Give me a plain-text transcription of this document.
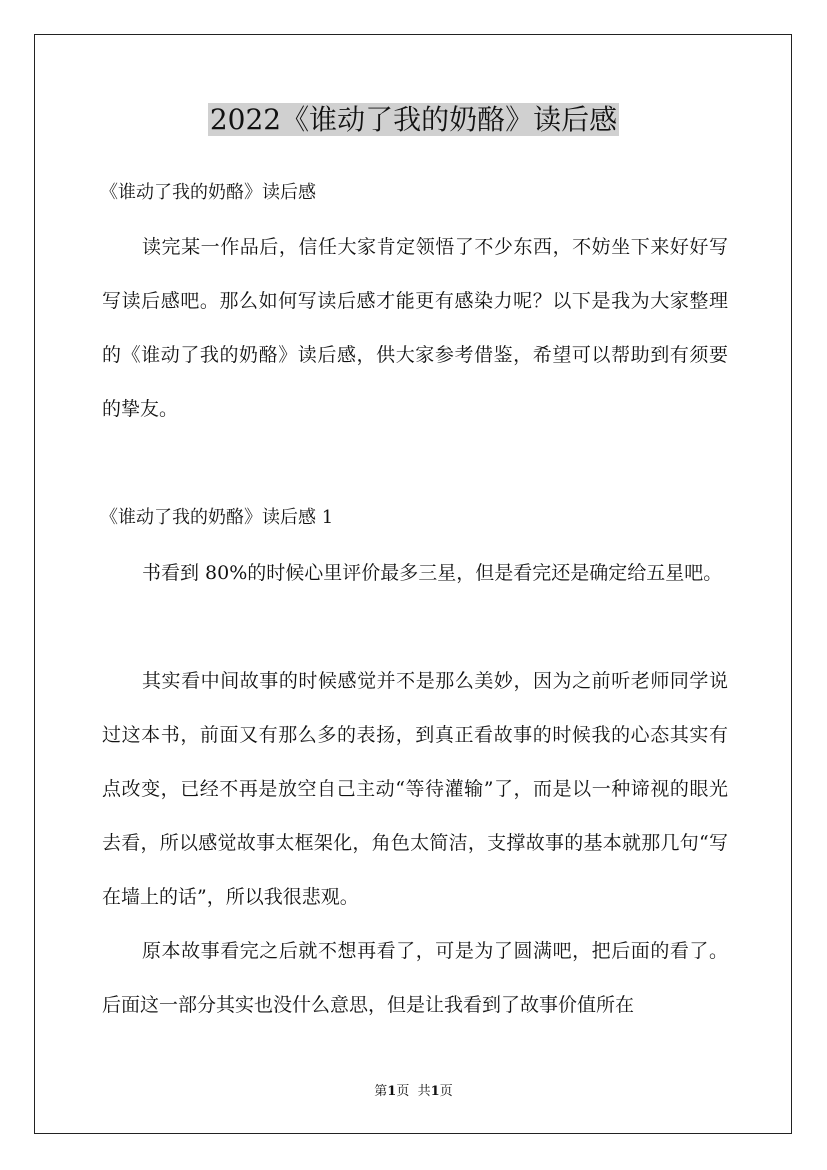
2022《谁动了我的奶酪》读后感
《谁动了我的奶酪》读后感

读完某一作品后，信任大家肯定领悟了不少东西，不妨坐下来好好写写读后感吧。那么如何写读后感才能更有感染力呢？以下是我为大家整理的《谁动了我的奶酪》读后感，供大家参考借鉴，希望可以帮助到有须要的挚友。

《谁动了我的奶酪》读后感 1

书看到 80%的时候心里评价最多三星，但是看完还是确定给五星吧。

其实看中间故事的时候感觉并不是那么美妙，因为之前听老师同学说过这本书，前面又有那么多的表扬，到真正看故事的时候我的心态其实有点改变，已经不再是放空自己主动“等待灌输”了，而是以一种谛视的眼光去看，所以感觉故事太框架化，角色太简洁，支撑故事的基本就那几句“写在墙上的话”，所以我很悲观。

原本故事看完之后就不想再看了，可是为了圆满吧，把后面的看了。后面这一部分其实也没什么意思，但是让我看到了故事价值所在

第1页 共1页
